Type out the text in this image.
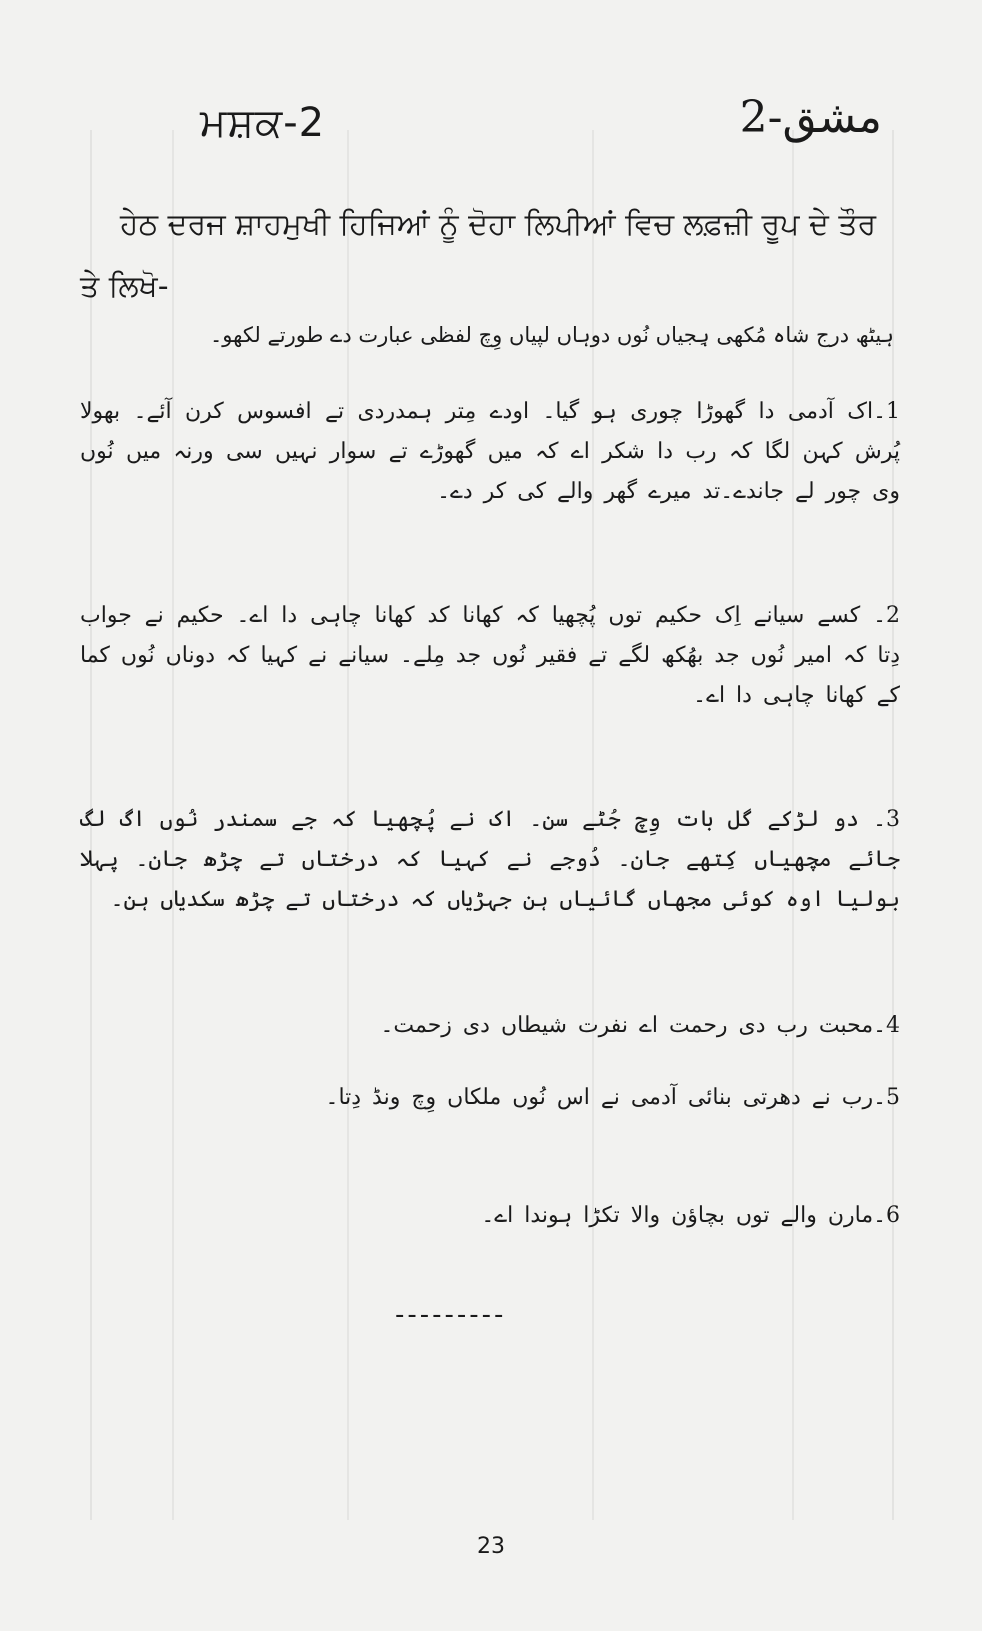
ਮਸ਼ਕ-2	مشق-2
ਹੇਠ ਦਰਜ ਸ਼ਾਹਮੁਖੀ ਹਿਜਿਆਂ ਨੂੰ ਦੋਹਾ ਲਿਪੀਆਂ ਵਿਚ ਲਫ਼ਜ਼ੀ ਰੂਪ ਦੇ ਤੌਰ ਤੇ ਲਿਖੋ-
ہیٹھ درج شاہ مُکھی ہِجیاں نُوں دوہاں لپیاں وِچ لفظی عبارت دے طورتے لکھو۔
1۔اک آدمی دا گھوڑا چوری ہو گیا۔ اودے مِتر ہمدردی تے افسوس کرن آئے۔ بھولا پُرش کہن لگا کہ رب دا شکر اے کہ میں گھوڑے تے سوار نہیں سی ورنہ میں نُوں وی چور لے جاندے۔تد میرے گھر والے کی کر دے۔
2۔ کسے سیانے اِک حکیم توں پُچھیا کہ کھانا کد کھانا چاہی دا اے۔ حکیم نے جواب دِتا کہ امیر نُوں جد بھُکھ لگے تے فقیر نُوں جد مِلے۔ سیانے نے کہیا کہ دوناں نُوں کما کے کھانا چاہی دا اے۔
3۔ دو لڑکے گل بات وِچ جُٹے سن۔ اک نے پُچھیا کہ جے سمندر نُوں اگ لگ جائے مچھیاں کِتھے جان۔ دُوجے نے کہیا کہ درختاں تے چڑھ جان۔ پہلا بولیا اوہ کوئی مجھاں گائیاں ہن جہڑیاں کہ درختاں تے چڑھ سکدیاں ہن۔
4۔محبت رب دی رحمت اے نفرت شیطاں دی زحمت۔
5۔رب نے دھرتی بنائی آدمی نے اس نُوں ملکاں وِچ ونڈ دِتا۔
6۔مارن والے توں بچاؤن والا تکڑا ہوندا اے۔
---------
23
